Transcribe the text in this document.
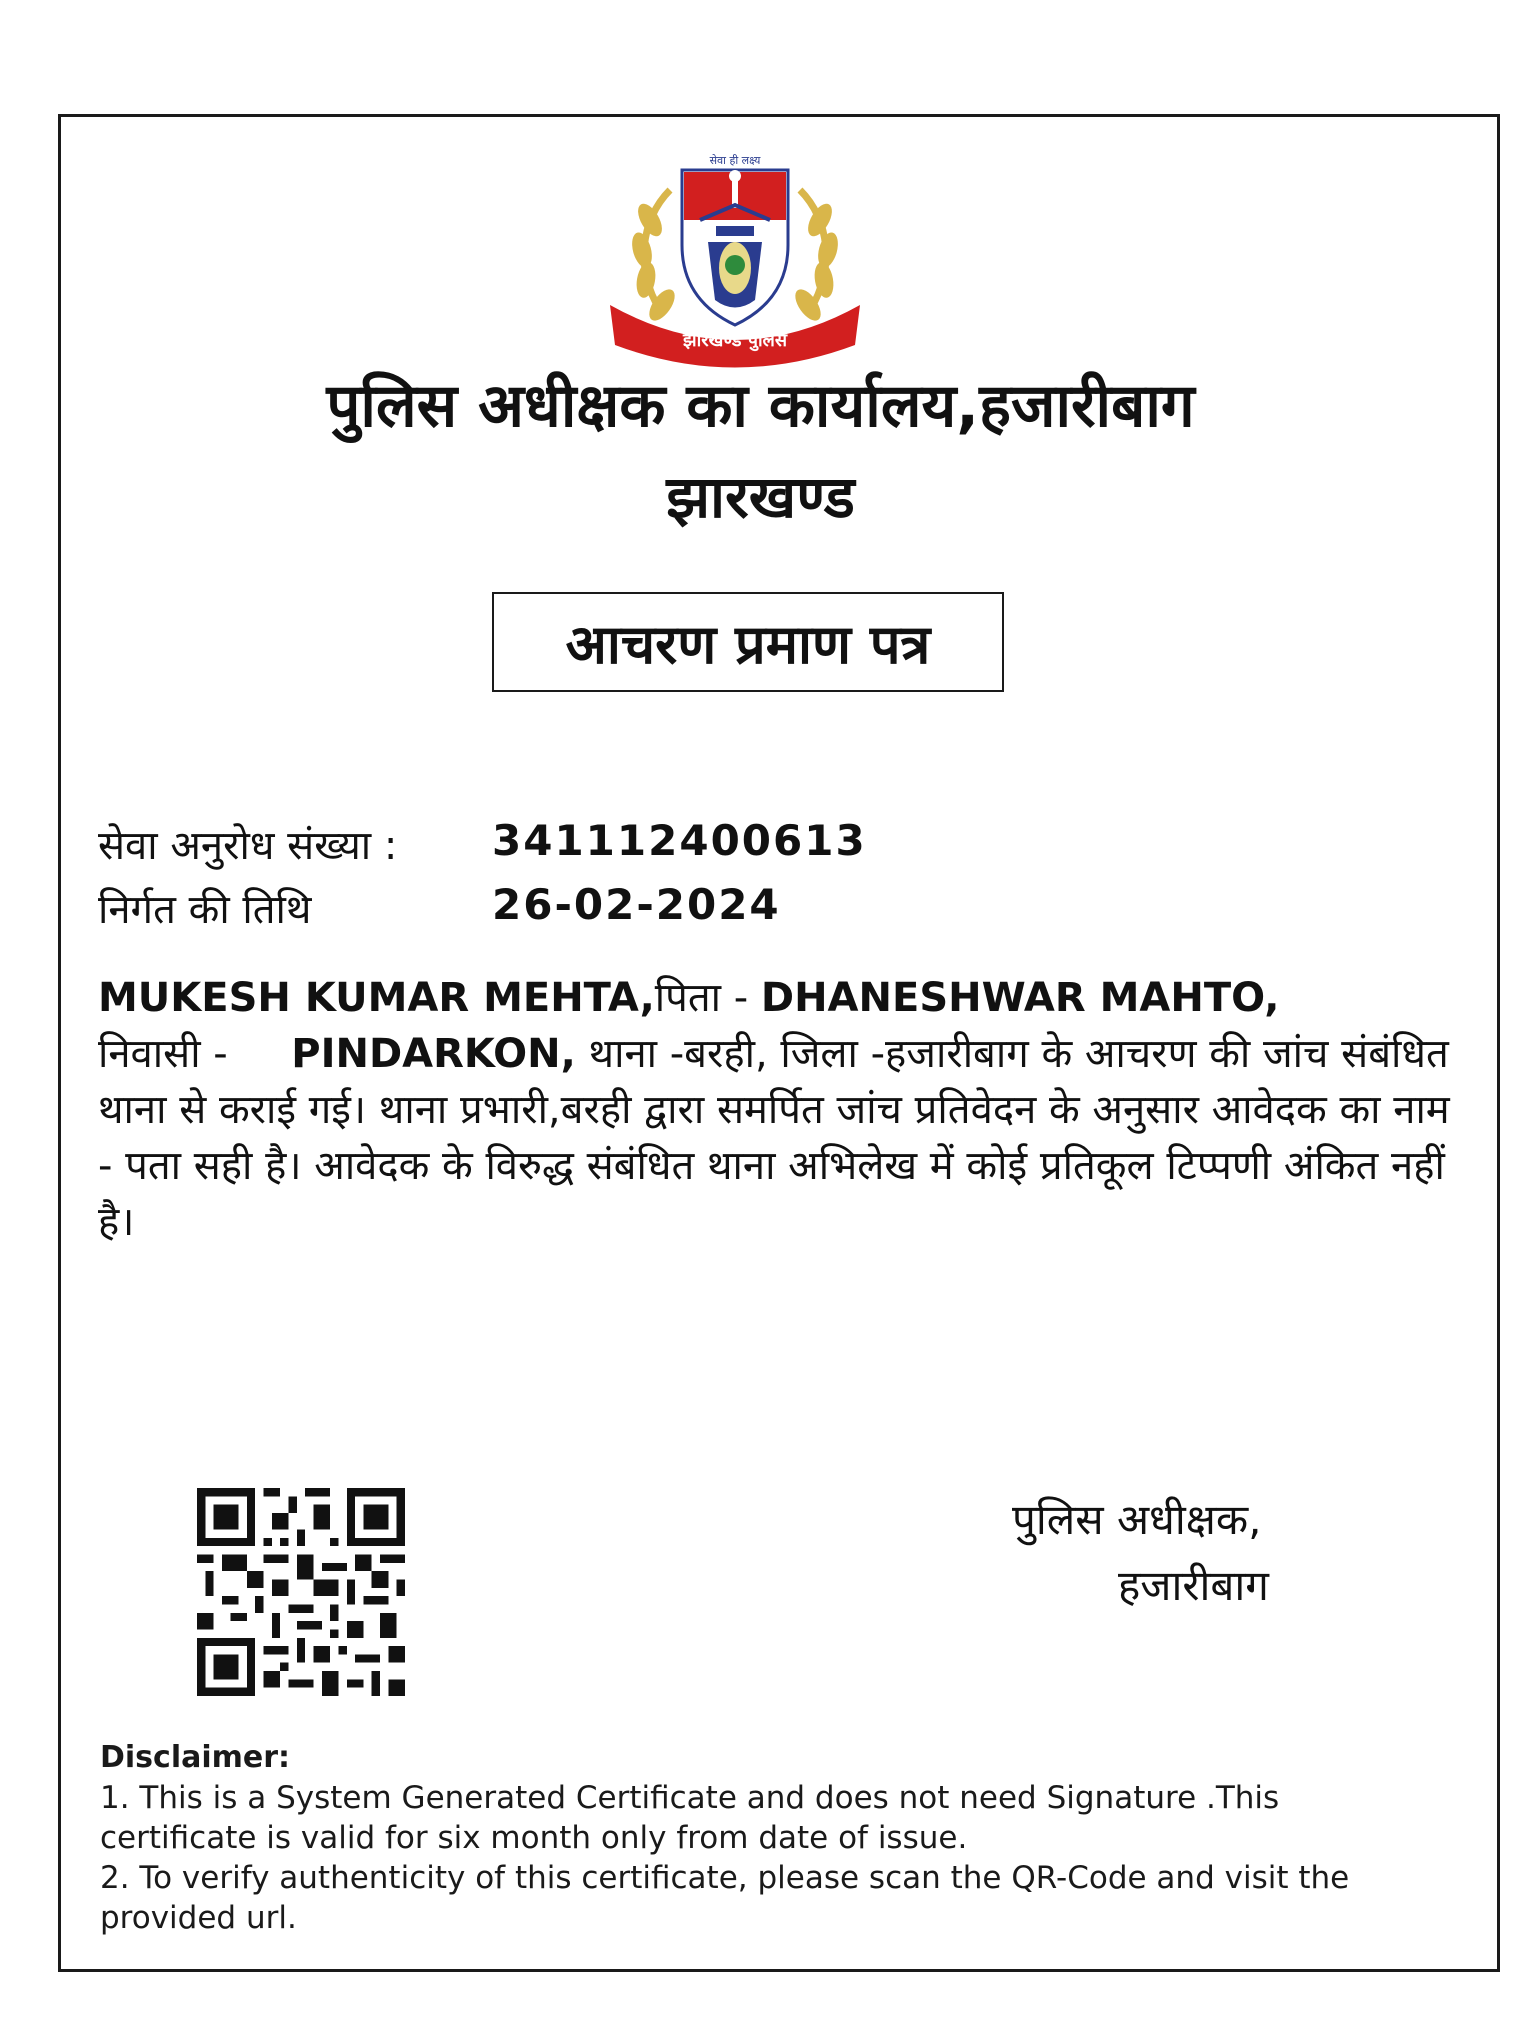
सेवा ही लक्ष्य
झारखण्ड पुलिस
पुलिस अधीक्षक का कार्यालय,हजारीबाग
झारखण्ड
आचरण प्रमाण पत्र
सेवा अनुरोध संख्या : 341112400613
निर्गत की तिथि	26-02-2024
MUKESH KUMAR MEHTA,पिता - DHANESHWAR MAHTO,
निवासी - PINDARKON, थाना -बरही, जिला -हजारीबाग के आचरण की जांच संबंधित थाना से कराई गई। थाना प्रभारी,बरही द्वारा समर्पित जांच प्रतिवेदन के अनुसार आवेदक का नाम - पता सही है। आवेदक के विरुद्ध संबंधित थाना अभिलेख में कोई प्रतिकूल टिप्पणी अंकित नहीं है।
पुलिस अधीक्षक,
हजारीबाग
Disclaimer:
1. This is a System Generated Certificate and does not need Signature .This certificate is valid for six month only from date of issue.
2. To verify authenticity of this certificate, please scan the QR-Code and visit the provided url.
